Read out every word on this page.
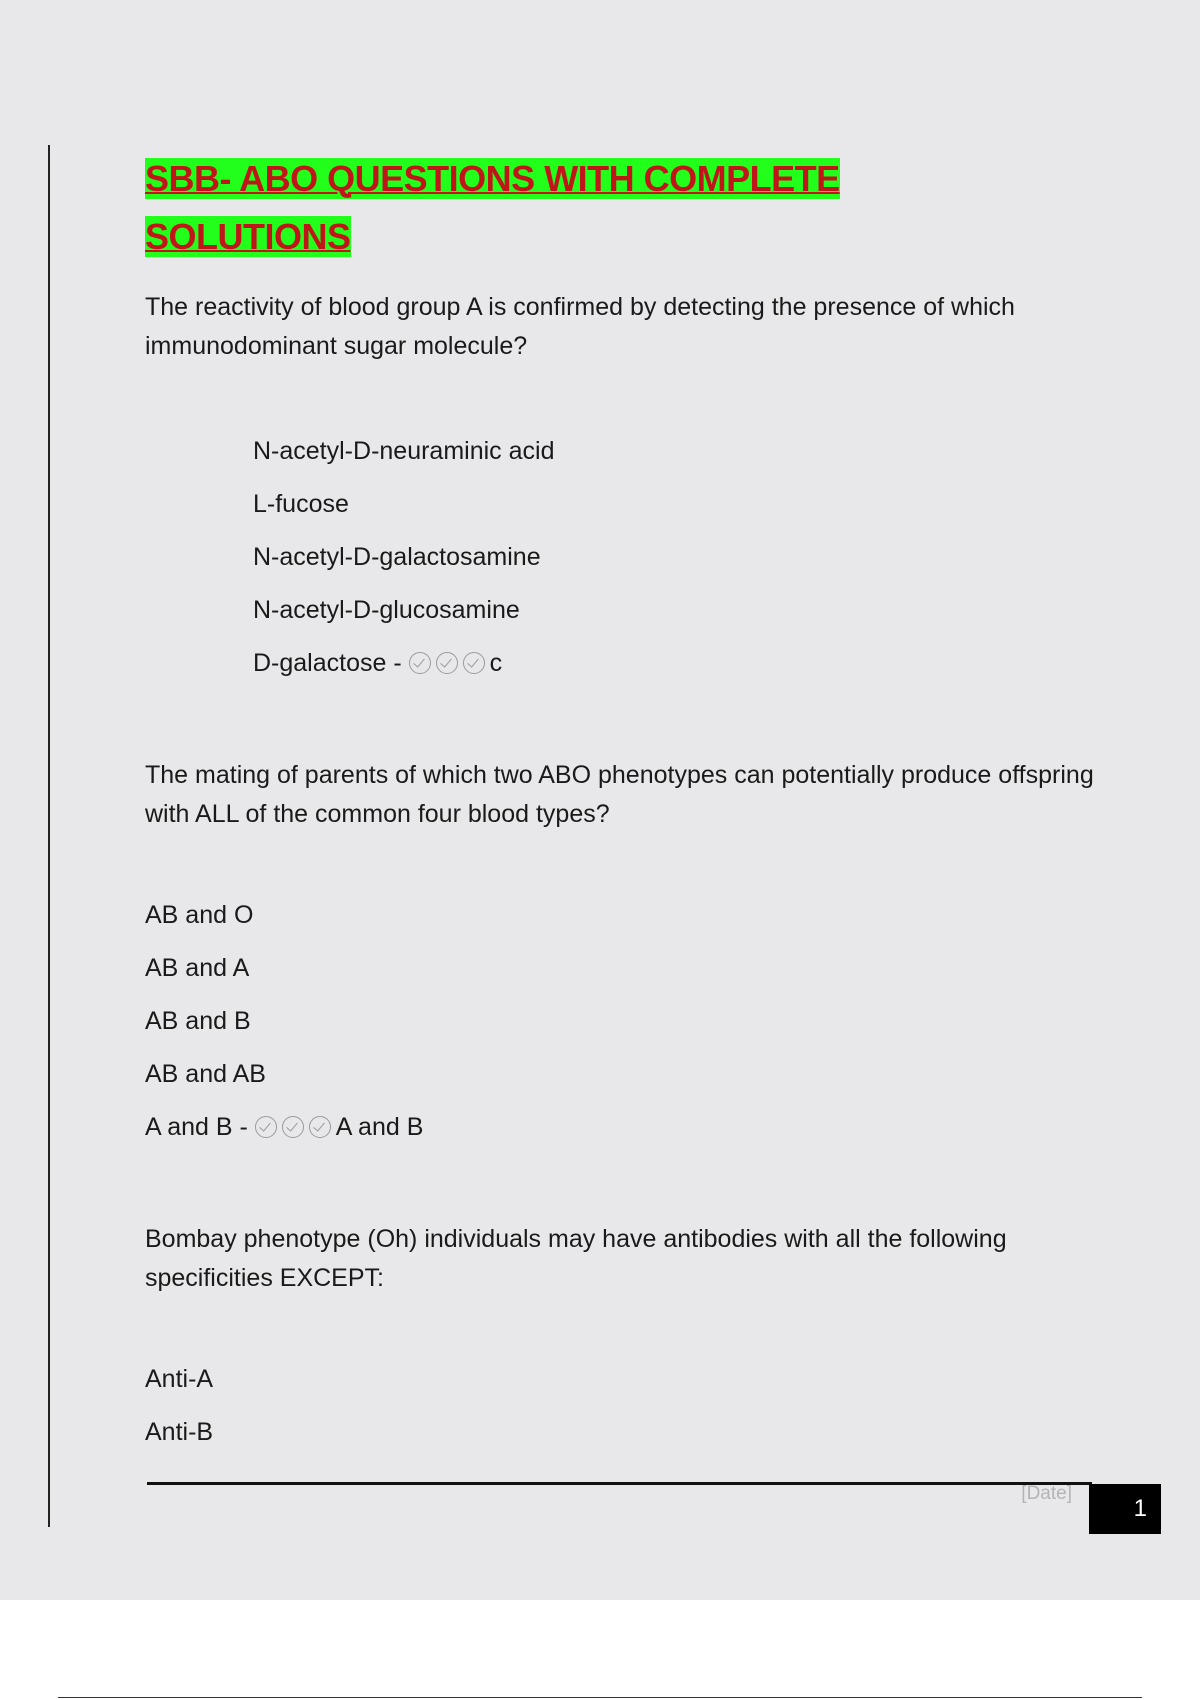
SBB- ABO QUESTIONS WITH COMPLETE
SOLUTIONS

The reactivity of blood group A is confirmed by detecting the presence of which immunodominant sugar molecule?

N-acetyl-D-neuraminic acid
L-fucose
N-acetyl-D-galactosamine
N-acetyl-D-glucosamine
D-galactose -	c

The mating of parents of which two ABO phenotypes can potentially produce offspring with ALL of the common four blood types?

AB and O
AB and A
AB and B
AB and AB
A and B -	A and B

Bombay phenotype (Oh) individuals may have antibodies with all the following specificities EXCEPT:

Anti-A
Anti-B
[Date]
1
